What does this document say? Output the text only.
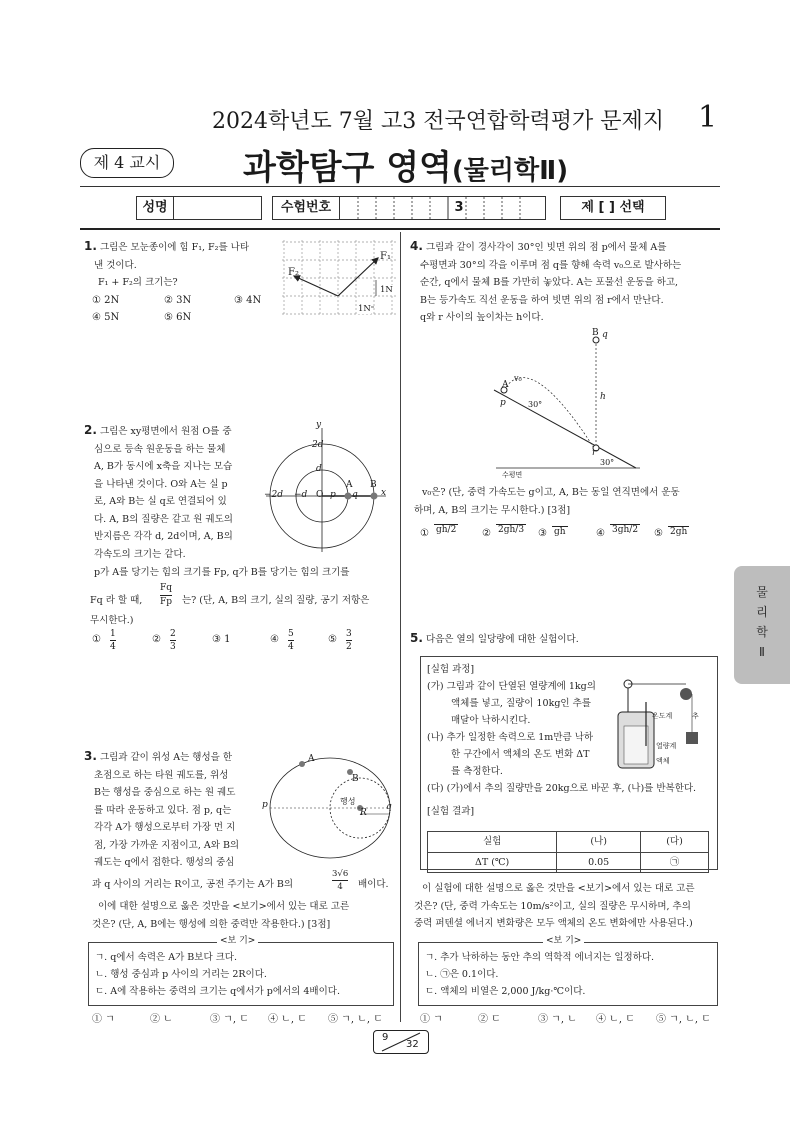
2024학년도 7월 고3 전국연합학력평가 문제지 1
제 4 교시	과학탐구 영역(물리학Ⅱ)
성명	수험번호	3	제 [ ] 선택
물
리
학
Ⅱ
1. 그림은 모눈종이에 힘 F₁, F₂를 나타
낸 것이다.
F₁ + F₂의 크기는?
① 2N	② 3N	③ 4N
④ 5N	⑤ 6N
F₁
F₂
1N
1N
2. 그림은 xy평면에서 원점 O를 중
심으로 등속 원운동을 하는 물체
A, B가 동시에 x축을 지나는 모습
을 나타낸 것이다. O와 A는 실 p
로, A와 B는 실 q로 연결되어 있
다. A, B의 질량은 같고 원 궤도의
반지름은 각각 d, 2d이며, A, B의
각속도의 크기는 같다.
p가 A를 당기는 힘의 크기를 Fp, q가 B를 당기는 힘의 크기를
Fq 라 할 때, $\frac{Fq}{Fp}$ 는? (단, A, B의 크기, 실의 질량, 공기 저항은
무시한다.)
① $\frac{1}{4}$	② $\frac{2}{3}$	③ 1	④ $\frac{5}{4}$	⑤ $\frac{3}{2}$
y
x
2d
d
−2d −d O p q
A B
3. 그림과 같이 위성 A는 행성을 한
초점으로 하는 타원 궤도를, 위성
B는 행성을 중심으로 하는 원 궤도
를 따라 운동하고 있다. 점 p, q는
각각 A가 행성으로부터 가장 먼 지
점, 가장 가까운 지점이고, A와 B의
궤도는 q에서 접한다. 행성의 중심
과 q 사이의 거리는 R이고, 공전 주기는 A가 B의	$\frac{3√6}{4}$ 배이다.
이에 대한 설명으로 옳은 것만을 <보기>에서 있는 대로 고른
것은? (단, A, B에는 행성에 의한 중력만 작용한다.) [3점]
<보 기>
ㄱ. q에서 속력은 A가 B보다 크다.
ㄴ. 행성 중심과 p 사이의 거리는 2R이다.
ㄷ. A에 작용하는 중력의 크기는 q에서가 p에서의 4배이다.
① ㄱ	② ㄴ	③ ㄱ, ㄷ ④ ㄴ, ㄷ ⑤ ㄱ, ㄴ, ㄷ
A
B
행성
p	q
R
4. 그림과 같이 경사각이 30°인 빗면 위의 점 p에서 물체 A를
수평면과 30°의 각을 이루며 점 q를 향해 속력 v₀으로 발사하는
순간, q에서 물체 B를 가만히 놓았다. A는 포물선 운동을 하고,
B는 등가속도 직선 운동을 하여 빗면 위의 점 r에서 만난다.
q와 r 사이의 높이차는 h이다.
B q
A
v₀
p	30°
h
r
수평면
30°
v₀은? (단, 중력 가속도는 g이고, A, B는 동일 연직면에서 운동
하며, A, B의 크기는 무시한다.) [3점]
① gh/2	② 2gh/3 ③ gh	④ 3gh/2 ⑤ 2gh
5. 다음은 열의 일당량에 대한 실험이다.
[실험 과정]
(가) 그림과 같이 단열된 열량계에 1kg의
액체를 넣고, 질량이 10kg인 추를
매달아 낙하시킨다.
(나) 추가 일정한 속력으로 1m만큼 낙하
한 구간에서 액체의 온도 변화 ΔT
를 측정한다.
(다) (가)에서 추의 질량만을 20kg으로 바꾼 후, (나)를 반복한다.
[실험 결과]
실험	(나)	(다)
ΔT (℃)	0.05	㉠
온도계	추
열량계
액체
이 실험에 대한 설명으로 옳은 것만을 <보기>에서 있는 대로 고른
것은? (단, 중력 가속도는 10m/s²이고, 실의 질량은 무시하며, 추의
중력 퍼텐셜 에너지 변화량은 모두 액체의 온도 변화에만 사용된다.)
<보 기>
ㄱ. 추가 낙하하는 동안 추의 역학적 에너지는 일정하다.
ㄴ. ㉠은 0.1이다.
ㄷ. 액체의 비열은 2,000 J/kg·℃이다.
① ㄱ	② ㄷ	③ ㄱ, ㄴ ④ ㄴ, ㄷ ⑤ ㄱ, ㄴ, ㄷ
9
32
